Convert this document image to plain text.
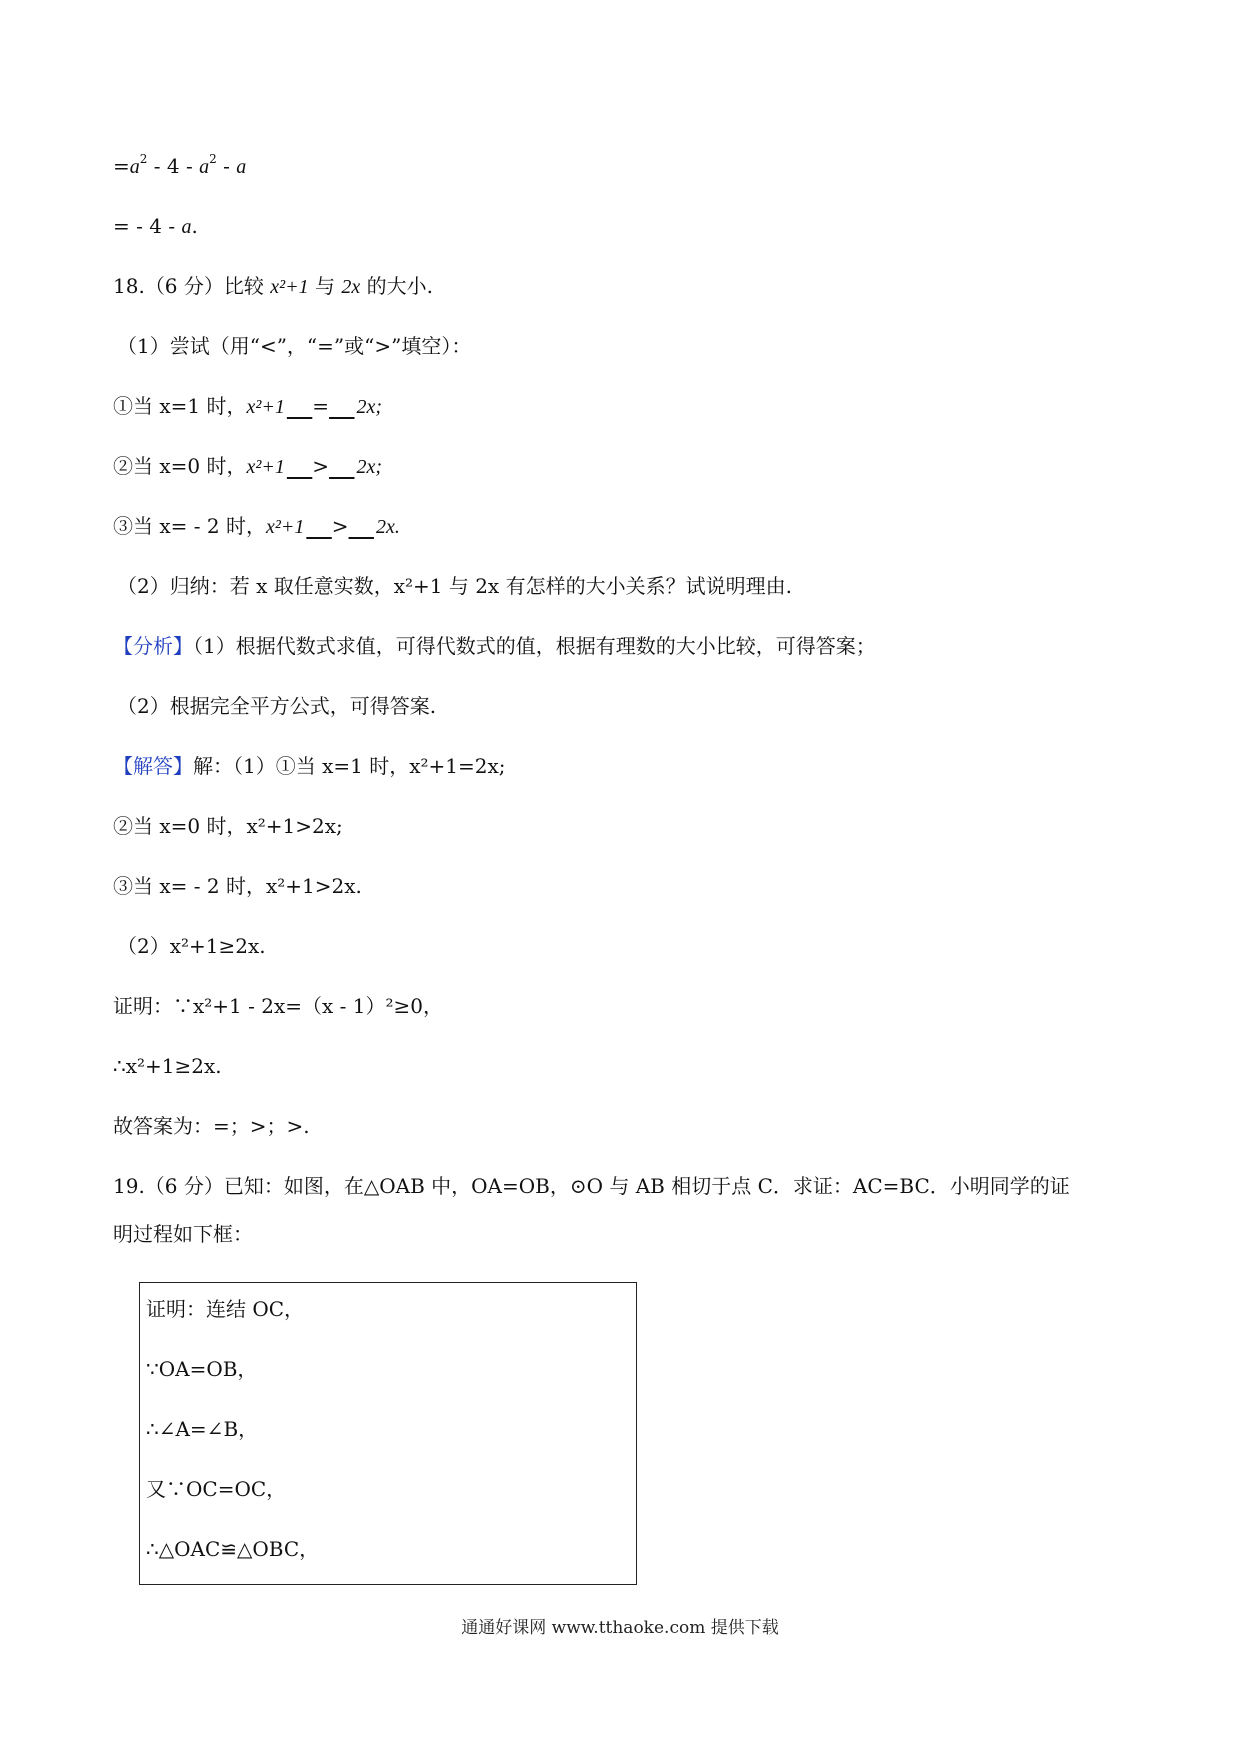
$=a^2 - 4 - a^2 - a$
= - 4 - a.
18.（6 分）比较 x²+1 与 2x 的大小.
（1）尝试（用“<”，“=”或“>”填空）：
①当 x=1 时，x²+1 = 2x;
②当 x=0 时，x²+1 > 2x;
③当 x= - 2 时，x²+1 > 2x.
（2）归纳：若 x 取任意实数，x²+1 与 2x 有怎样的大小关系？试说明理由.
【分析】（1）根据代数式求值，可得代数式的值，根据有理数的大小比较，可得答案；
（2）根据完全平方公式，可得答案.
【解答】解：（1）①当 x=1 时，x²+1=2x;
②当 x=0 时，x²+1>2x;
③当 x= - 2 时，x²+1>2x.
（2）x²+1≥2x.
证明：∵x²+1 - 2x=（x - 1）²≥0，
∴x²+1≥2x.
故答案为：=；>；>.
19.（6 分）已知：如图，在△OAB 中，OA=OB，⊙O 与 AB 相切于点 C．求证：AC=BC．小明同学的证
明过程如下框：
证明：连结 OC，
∵OA=OB，
∴∠A=∠B，
又∵OC=OC，
∴△OAC≌△OBC，
通通好课网 www.tthaoke.com 提供下载
